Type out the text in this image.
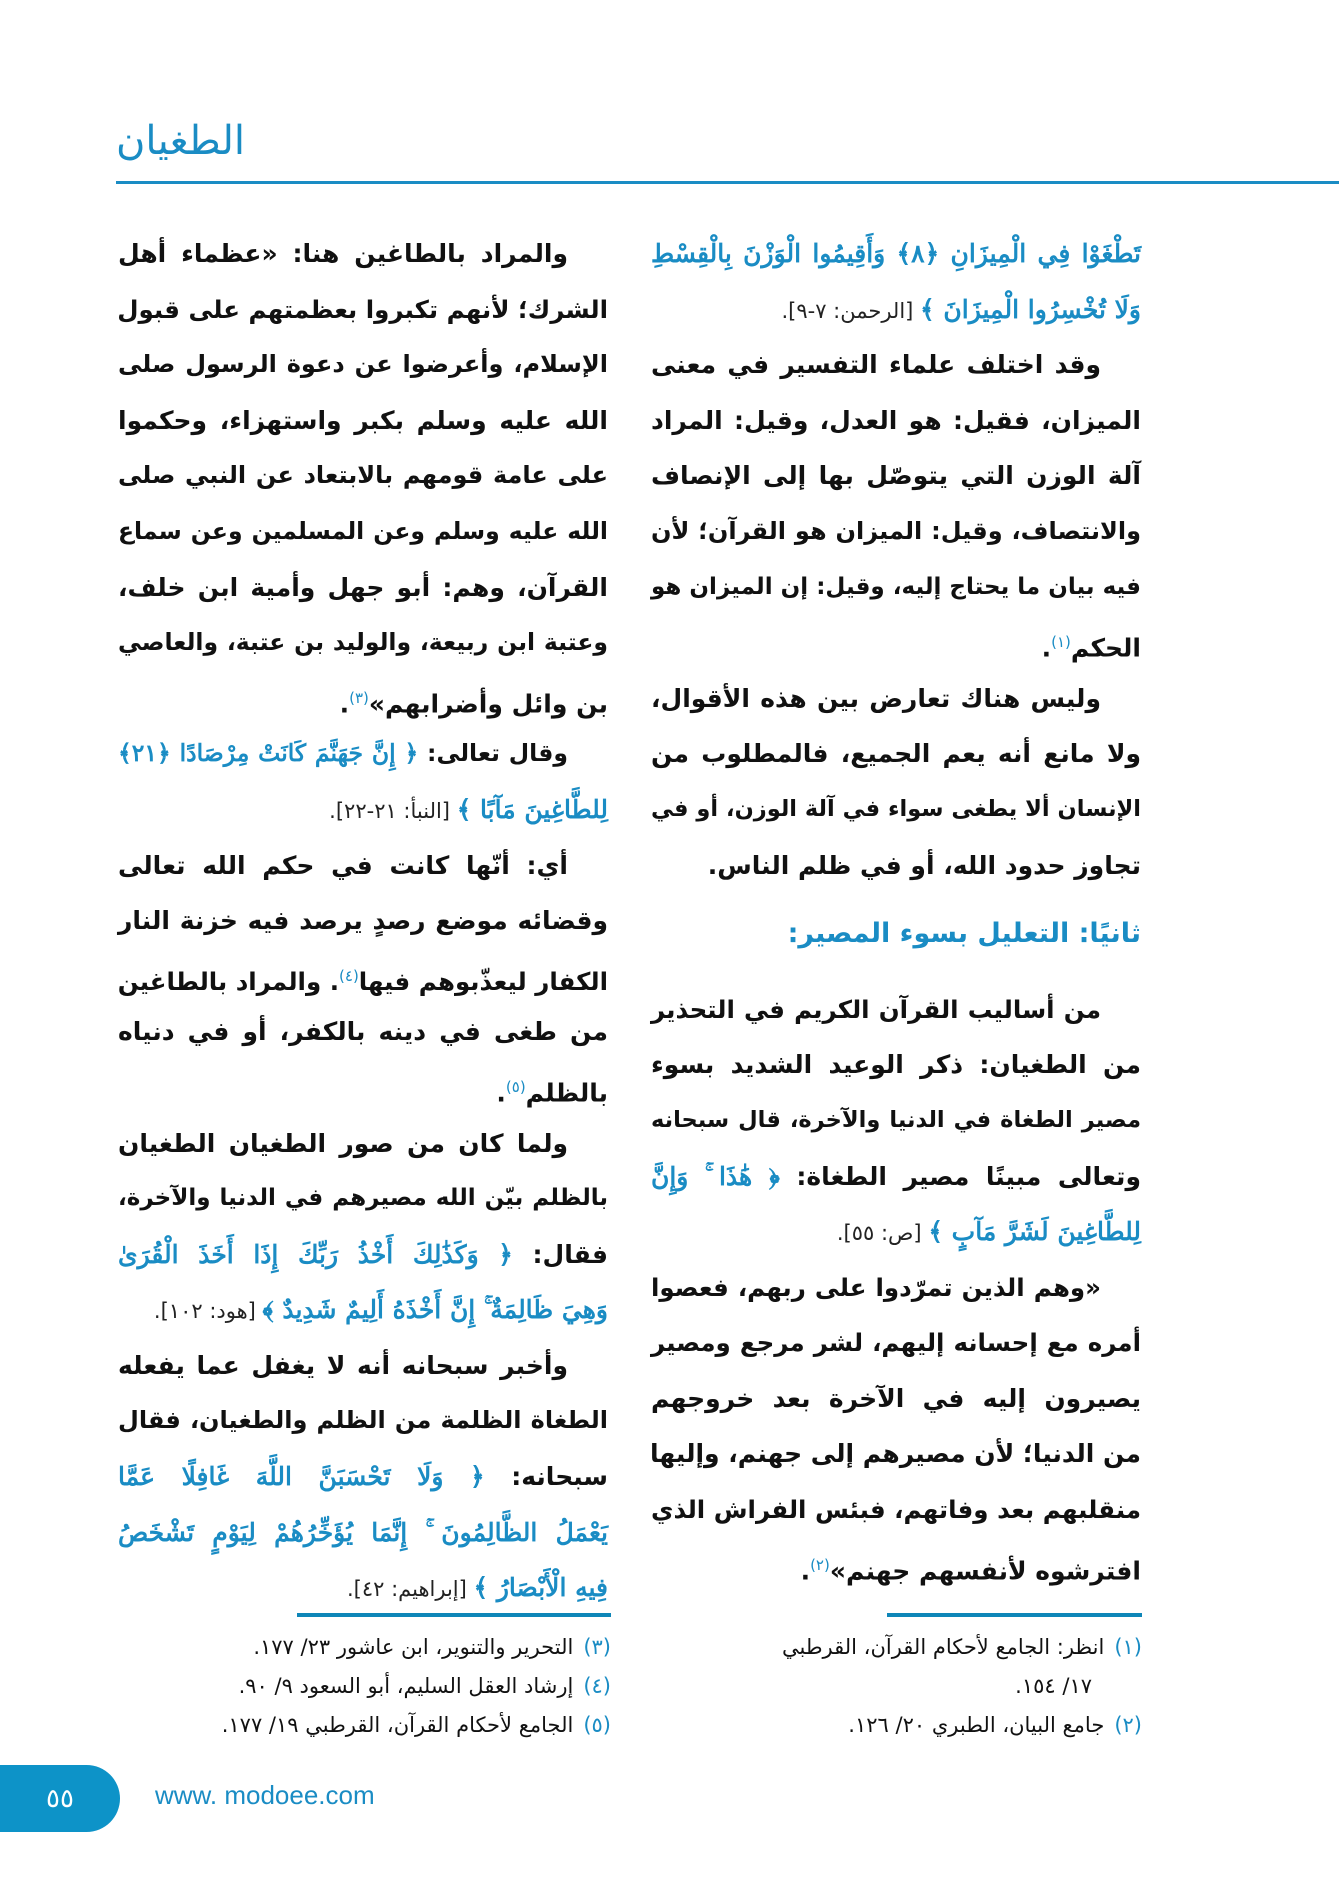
الطغيان
تَطْغَوْا فِي الْمِيزَانِ ﴿٨﴾ وَأَقِيمُوا الْوَزْنَ بِالْقِسْطِ
وَلَا تُخْسِرُوا الْمِيزَانَ ﴾ [الرحمن: ٧-٩].
وقد اختلف علماء التفسير في معنى
الميزان، فقيل: هو العدل، وقيل: المراد
آلة الوزن التي يتوصّل بها إلى الإنصاف
والانتصاف، وقيل: الميزان هو القرآن؛ لأن
فيه بيان ما يحتاج إليه، وقيل: إن الميزان هو
الحكم$^{(١)}$.
وليس هناك تعارض بين هذه الأقوال،
ولا مانع أنه يعم الجميع، فالمطلوب من
الإنسان ألا يطغى سواء في آلة الوزن، أو في
تجاوز حدود الله، أو في ظلم الناس.
ثانيًا: التعليل بسوء المصير:
من أساليب القرآن الكريم في التحذير
من الطغيان: ذكر الوعيد الشديد بسوء
مصير الطغاة في الدنيا والآخرة، قال سبحانه
وتعالى مبينًا مصير الطغاة: ﴿ هَٰذَا ۚ وَإِنَّ
لِلطَّاغِينَ لَشَرَّ مَآبٍ ﴾ [ص: ٥٥].
«وهم الذين تمرّدوا على ربهم، فعصوا
أمره مع إحسانه إليهم، لشر مرجع ومصير
يصيرون إليه في الآخرة بعد خروجهم
من الدنيا؛ لأن مصيرهم إلى جهنم، وإليها
منقلبهم بعد وفاتهم، فبئس الفراش الذي
افترشوه لأنفسهم جهنم»$^{(٢)}$.
والمراد بالطاغين هنا: «عظماء أهل
الشرك؛ لأنهم تكبروا بعظمتهم على قبول
الإسلام، وأعرضوا عن دعوة الرسول صلى
الله عليه وسلم بكبر واستهزاء، وحكموا
على عامة قومهم بالابتعاد عن النبي صلى
الله عليه وسلم وعن المسلمين وعن سماع
القرآن، وهم: أبو جهل وأمية ابن خلف،
وعتبة ابن ربيعة، والوليد بن عتبة، والعاصي
بن وائل وأضرابهم»$^{(٣)}$.
وقال تعالى: ﴿ إِنَّ جَهَنَّمَ كَانَتْ مِرْصَادًا ﴿٢١﴾
لِلطَّاغِينَ مَآبًا ﴾ [النبأ: ٢١-٢٢].
أي: أنّها كانت في حكم الله تعالى
وقضائه موضع رصدٍ يرصد فيه خزنة النار
الكفار ليعذّبوهم فيها$^{(٤)}$. والمراد بالطاغين
من طغى في دينه بالكفر، أو في دنياه
بالظلم$^{(٥)}$.
ولما كان من صور الطغيان الطغيان
بالظلم بيّن الله مصيرهم في الدنيا والآخرة،
فقال: ﴿ وَكَذَٰلِكَ أَخْذُ رَبِّكَ إِذَا أَخَذَ الْقُرَىٰ
وَهِيَ ظَالِمَةٌ ۚ إِنَّ أَخْذَهُ أَلِيمٌ شَدِيدٌ ﴾ [هود: ١٠٢].
وأخبر سبحانه أنه لا يغفل عما يفعله
الطغاة الظلمة من الظلم والطغيان، فقال
سبحانه: ﴿ وَلَا تَحْسَبَنَّ اللَّهَ غَافِلًا عَمَّا
يَعْمَلُ الظَّالِمُونَ ۚ إِنَّمَا يُؤَخِّرُهُمْ لِيَوْمٍ تَشْخَصُ
فِيهِ الْأَبْصَارُ ﴾ [إبراهيم: ٤٢].
(١)انظر: الجامع لأحكام القرآن، القرطبي
١٧/ ١٥٤.
(٢)جامع البيان، الطبري ٢٠/ ١٢٦.
(٣)التحرير والتنوير، ابن عاشور ٢٣/ ١٧٧.
(٤)إرشاد العقل السليم، أبو السعود ٩/ ٩٠.
(٥)الجامع لأحكام القرآن، القرطبي ١٩/ ١٧٧.
٥٥	www. modoee.com
